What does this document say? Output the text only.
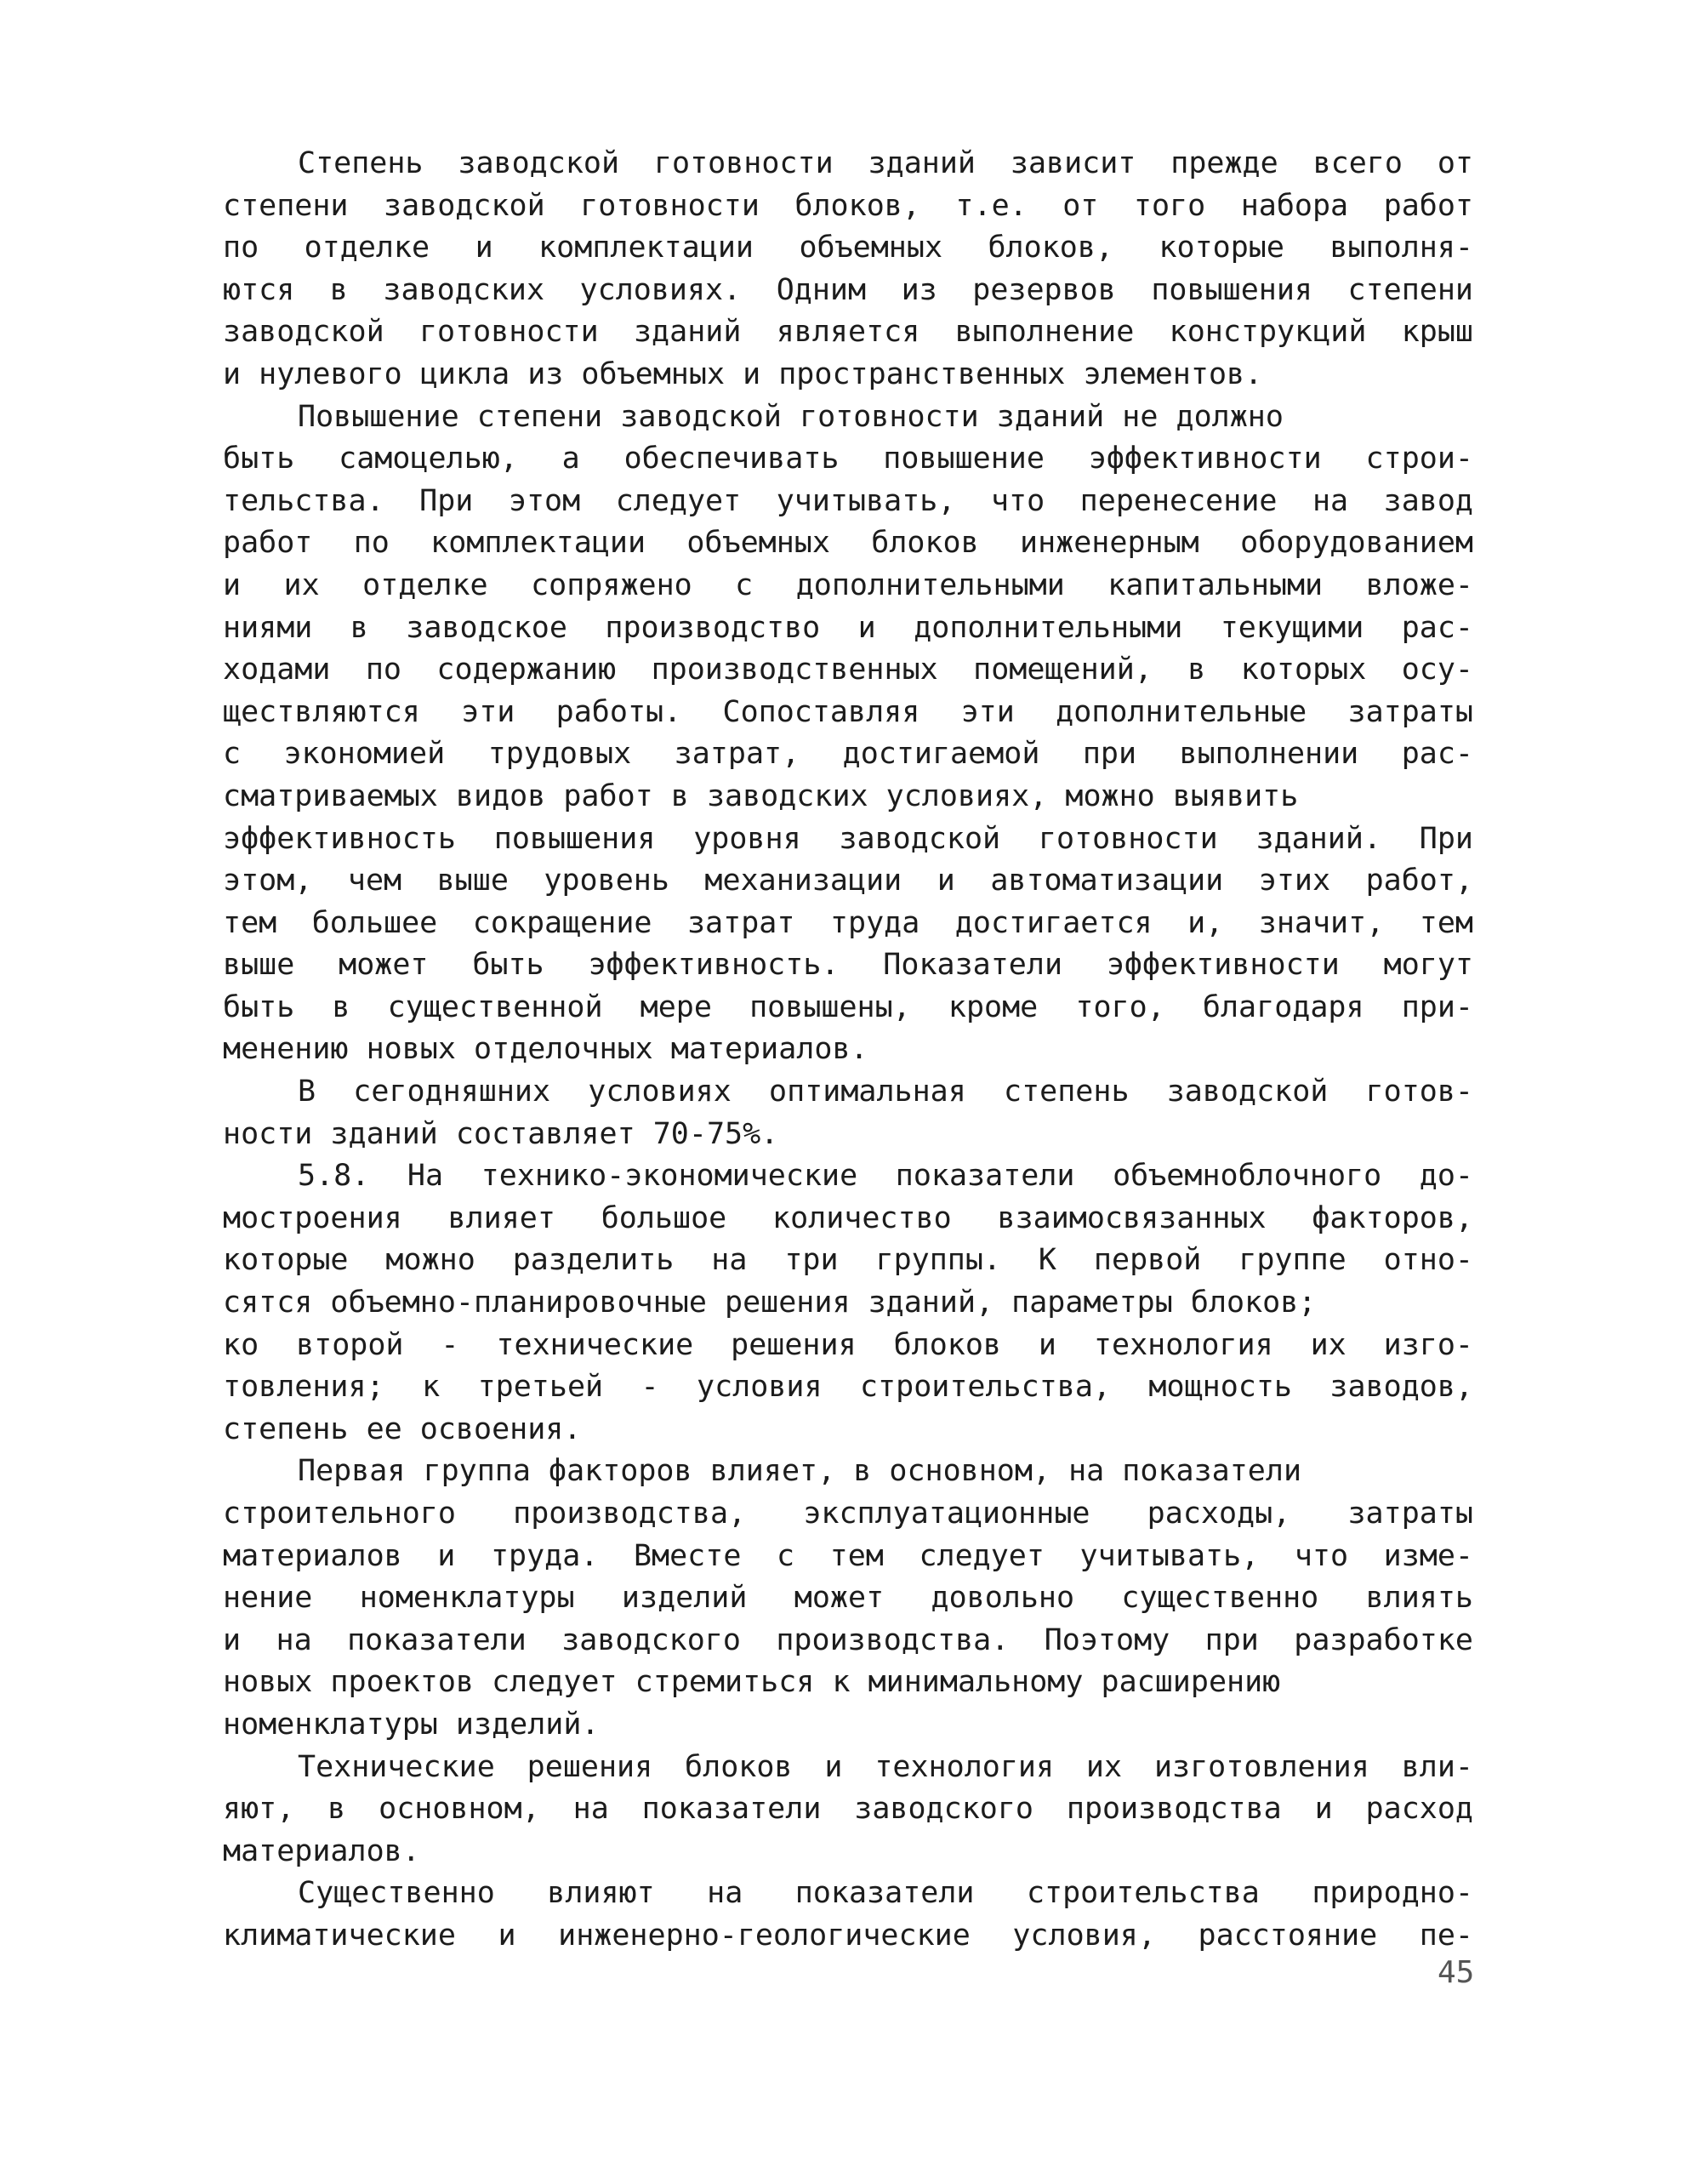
Степень заводской готовности зданий зависит прежде всего от
степени заводской готовности блоков, т.е. от того набора работ
по отделке и комплектации объемных блоков, которые выполня-
ются в заводских условиях. Одним из резервов повышения степени
заводской готовности зданий является выполнение конструкций крыш
и нулевого цикла из объемных и пространственных элементов.
Повышение степени заводской готовности зданий не должно
быть самоцелью, а обеспечивать повышение эффективности строи-
тельства. При этом следует учитывать, что перенесение на завод
работ по комплектации объемных блоков инженерным оборудованием
и их отделке сопряжено с дополнительными капитальными вложе-
ниями в заводское производство и дополнительными текущими рас-
ходами по содержанию производственных помещений, в которых осу-
ществляются эти работы. Сопоставляя эти дополнительные затраты
с экономией трудовых затрат, достигаемой при выполнении рас-
сматриваемых видов работ в заводских условиях, можно выявить
эффективность повышения уровня заводской готовности зданий. При
этом, чем выше уровень механизации и автоматизации этих работ,
тем большее сокращение затрат труда достигается и, значит, тем
выше может быть эффективность. Показатели эффективности могут
быть в существенной мере повышены, кроме того, благодаря при-
менению новых отделочных материалов.
В сегодняшних условиях оптимальная степень заводской готов-
ности зданий составляет 70-75%.
5.8. На технико-экономические показатели объемноблочного до-
мостроения влияет большое количество взаимосвязанных факторов,
которые можно разделить на три группы. К первой группе отно-
сятся объемно-планировочные решения зданий, параметры блоков;
ко второй - технические решения блоков и технология их изго-
товления; к третьей - условия строительства, мощность заводов,
степень ее освоения.
Первая группа факторов влияет, в основном, на показатели
строительного производства, эксплуатационные расходы, затраты
материалов и труда. Вместе с тем следует учитывать, что изме-
нение номенклатуры изделий может довольно существенно влиять
и на показатели заводского производства. Поэтому при разработке
новых проектов следует стремиться к минимальному расширению
номенклатуры изделий.
Технические решения блоков и технология их изготовления вли-
яют, в основном, на показатели заводского производства и расход
материалов.
Существенно влияют на показатели строительства природно-
климатические и инженерно-геологические условия, расстояние пе-
45
